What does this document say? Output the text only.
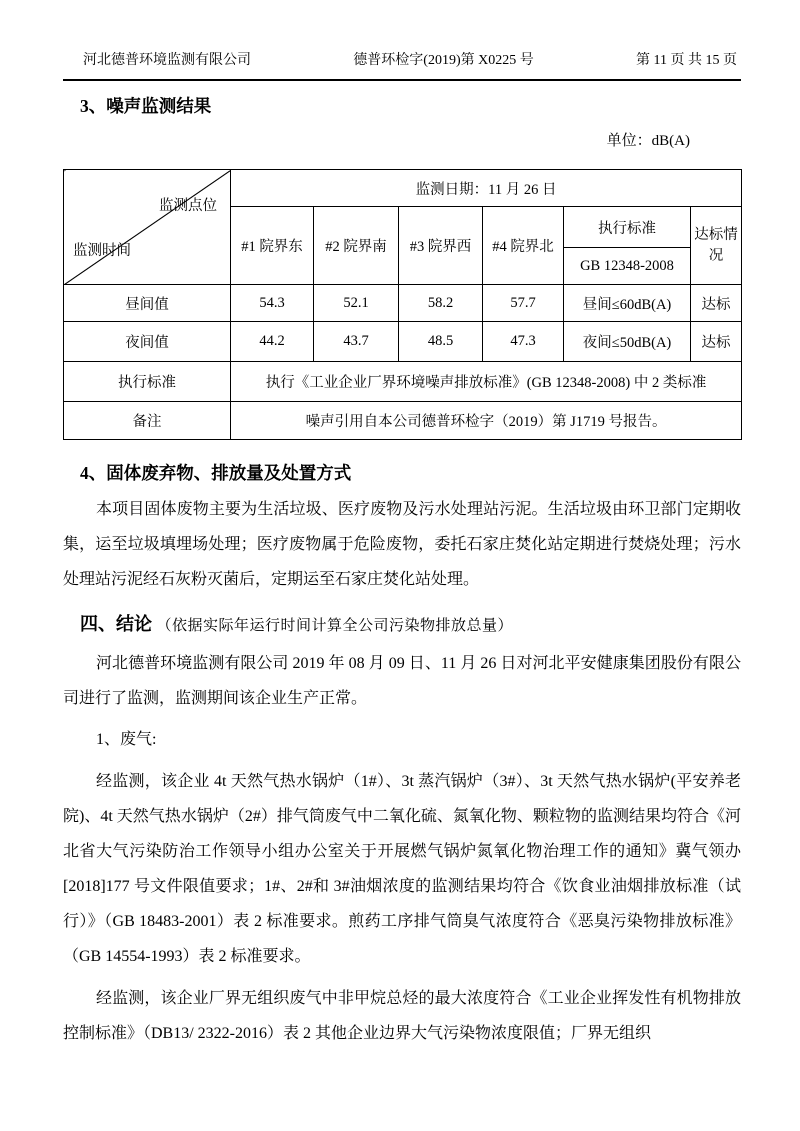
河北德普环境监测有限公司	德普环检字(2019)第 X0225 号	第 11 页 共 15 页
3、噪声监测结果
单位：dB(A)
监测点位
监测时间	监测日期：11 月 26 日					
	#1 院界东	#2 院界南	#3 院界西	#4 院界北	执行标准	达标情况
					GB 12348-2008	
昼间值	54.3	52.1	58.2	57.7	昼间≤60dB(A)	达标
夜间值	44.2	43.7	48.5	47.3	夜间≤50dB(A)	达标
执行标准	执行《工业企业厂界环境噪声排放标准》(GB 12348-2008) 中 2 类标准					
备注	噪声引用自本公司德普环检字（2019）第 J1719 号报告。					
4、固体废弃物、排放量及处置方式

本项目固体废物主要为生活垃圾、医疗废物及污水处理站污泥。生活垃圾由环卫部门定期收集，运至垃圾填埋场处理；医疗废物属于危险废物，委托石家庄焚化站定期进行焚烧处理；污水处理站污泥经石灰粉灭菌后，定期运至石家庄焚化站处理。

四、结论 （依据实际年运行时间计算全公司污染物排放总量）

河北德普环境监测有限公司 2019 年 08 月 09 日、11 月 26 日对河北平安健康集团股份有限公司进行了监测，监测期间该企业生产正常。

1、废气:

经监测，该企业 4t 天然气热水锅炉（1#）、3t 蒸汽锅炉（3#）、3t 天然气热水锅炉(平安养老院)、4t 天然气热水锅炉（2#）排气筒废气中二氧化硫、氮氧化物、颗粒物的监测结果均符合《河北省大气污染防治工作领导小组办公室关于开展燃气锅炉氮氧化物治理工作的通知》冀气领办[2018]177 号文件限值要求；1#、2#和 3#油烟浓度的监测结果均符合《饮食业油烟排放标准（试行）》（GB 18483-2001）表 2 标准要求。煎药工序排气筒臭气浓度符合《恶臭污染物排放标准》（GB 14554-1993）表 2 标准要求。

经监测，该企业厂界无组织废气中非甲烷总烃的最大浓度符合《工业企业挥发性有机物排放控制标准》（DB13/ 2322-2016）表 2 其他企业边界大气污染物浓度限值；厂界无组织
